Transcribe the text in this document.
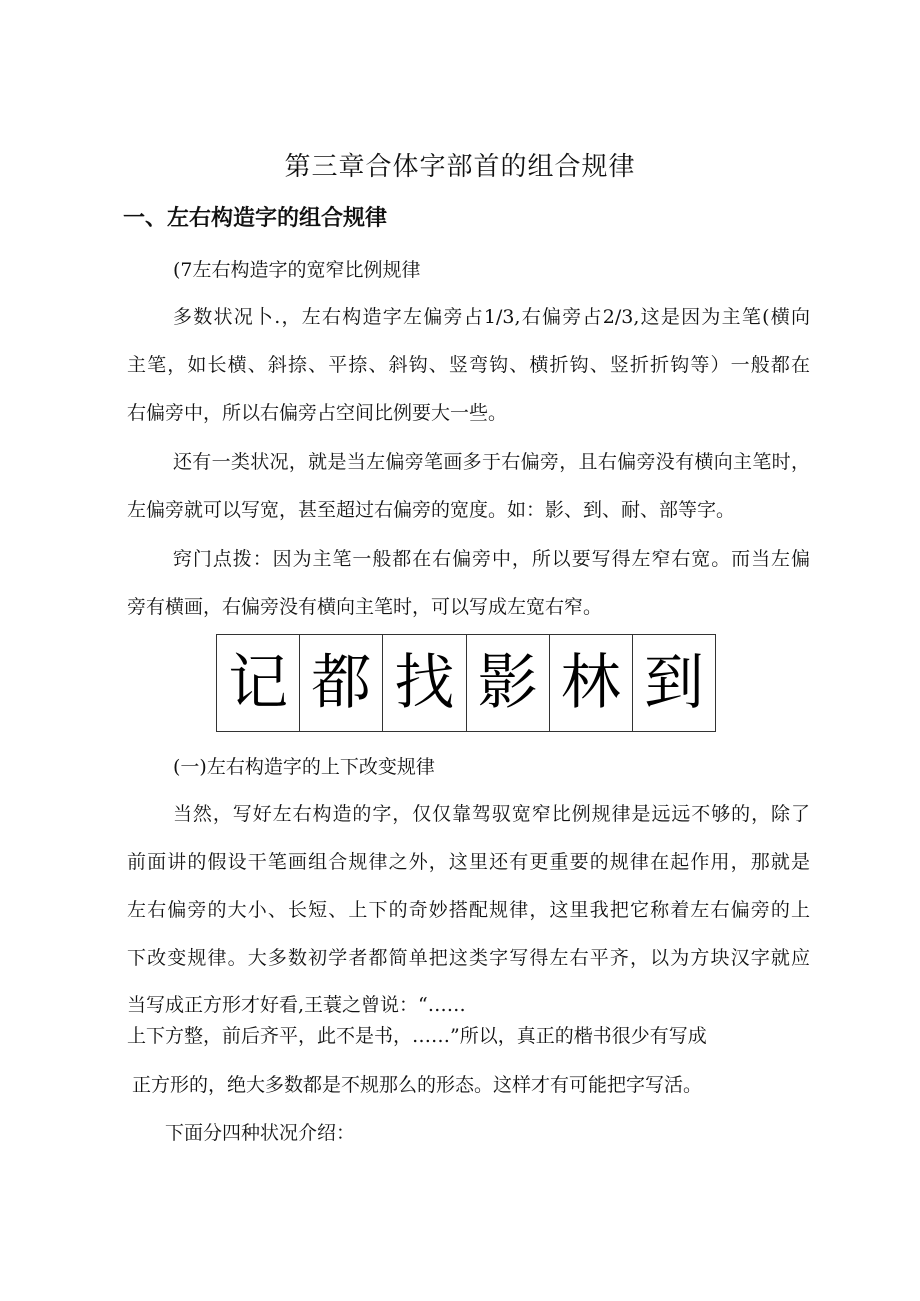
第三章合体字部首的组合规律
一、左右构造字的组合规律

(7左右构造字的宽窄比例规律

多数状况卜.，左右构造字左偏旁占1/3,右偏旁占2/3,这是因为主笔(横向

主笔，如长横、斜捺、平捺、斜钩、竖弯钩、横折钩、竖折折钩等）一般都在

右偏旁中，所以右偏旁占空间比例要大一些。

还有一类状况，就是当左偏旁笔画多于右偏旁，且右偏旁没有横向主笔时，

左偏旁就可以写宽，甚至超过右偏旁的宽度。如：影、到、耐、部等字。

窍门点拨：因为主笔一般都在右偏旁中，所以要写得左窄右宽。而当左偏

旁有横画，右偏旁没有横向主笔时，可以写成左宽右窄。

记 都 找 影 林 到

(一)左右构造字的上下改变规律

当然，写好左右构造的字，仅仅靠驾驭宽窄比例规律是远远不够的，除了

前面讲的假设干笔画组合规律之外，这里还有更重要的规律在起作用，那就是

左右偏旁的大小、长短、上下的奇妙搭配规律，这里我把它称着左右偏旁的上

下改变规律。大多数初学者都简单把这类字写得左右平齐，以为方块汉字就应

当写成正方形才好看,王蓑之曾说：“……

上下方整，前后齐平，此不是书，……”所以，真正的楷书很少有写成

正方形的，绝大多数都是不规那么的形态。这样才有可能把字写活。

下面分四种状况介绍：
